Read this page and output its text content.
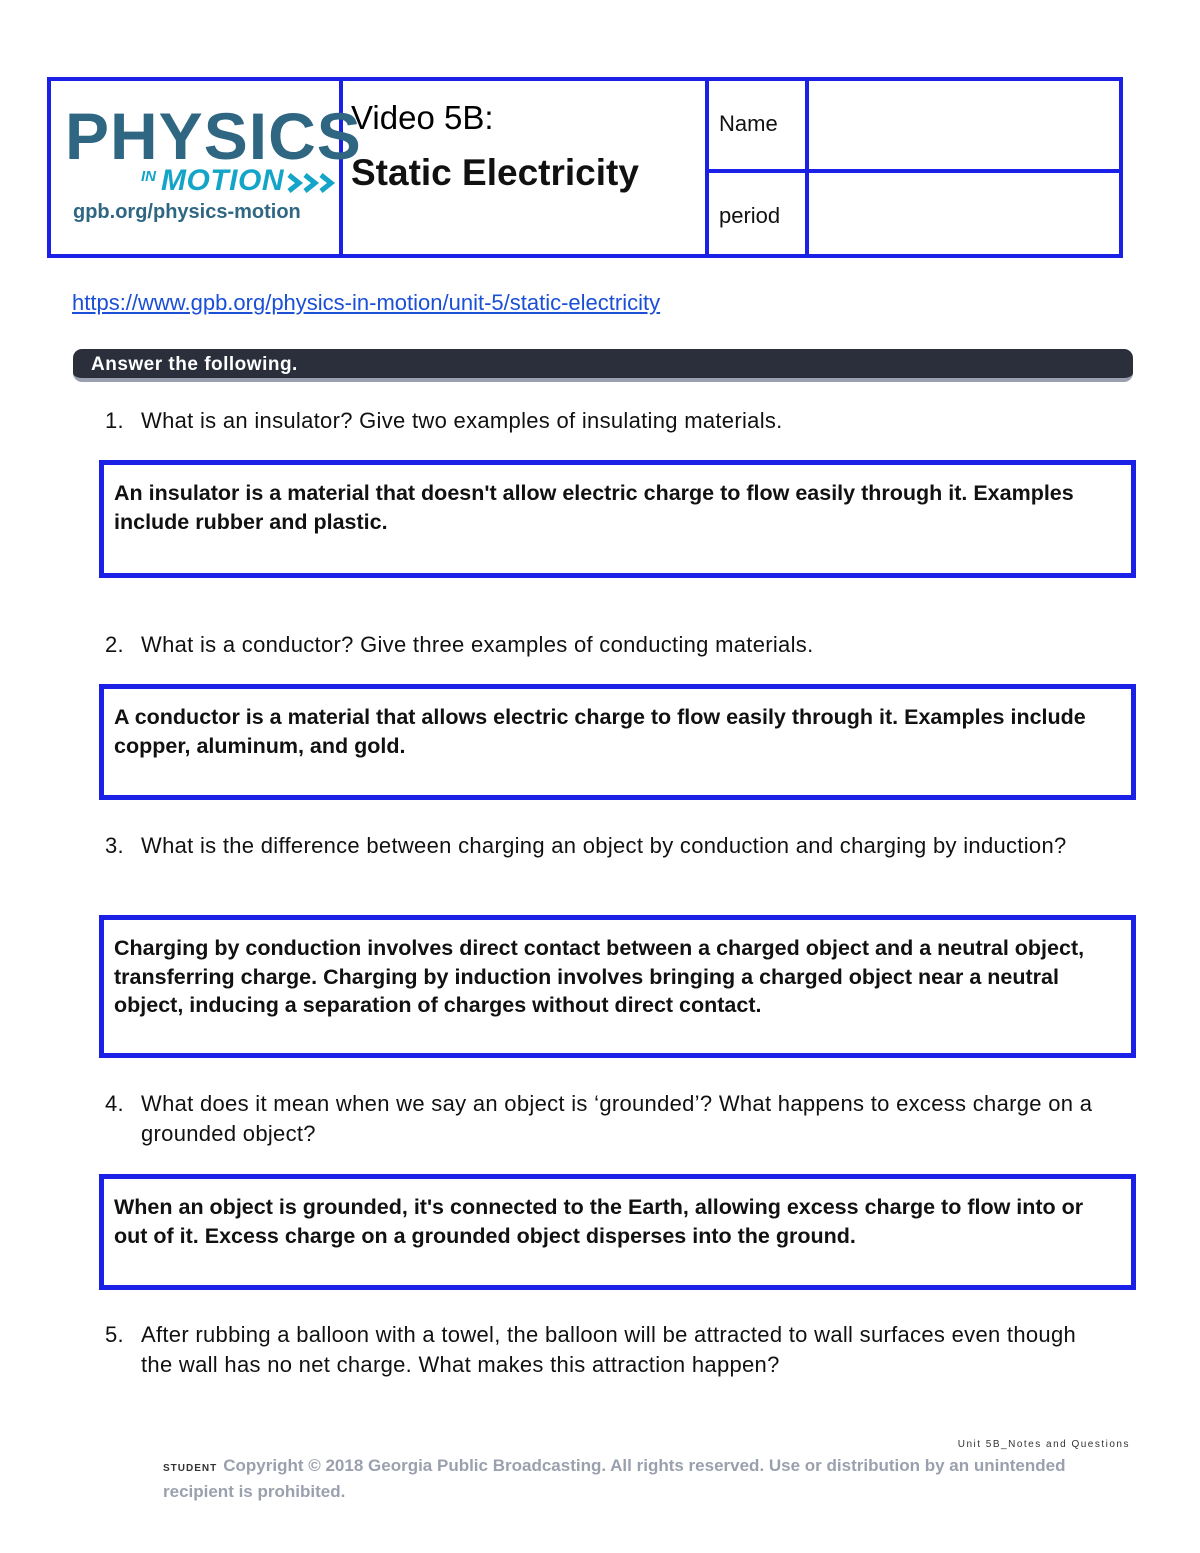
PHYSICS
IN MOTION
gpb.org/physics-motion
Video 5B:
Static Electricity
Name
period
https://www.gpb.org/physics-in-motion/unit-5/static-electricity
Answer the following.
1. What is an insulator? Give two examples of insulating materials.
An insulator is a material that doesn't allow electric charge to flow easily through it. Examples include rubber and plastic.
2. What is a conductor? Give three examples of conducting materials.
A conductor is a material that allows electric charge to flow easily through it. Examples include copper, aluminum, and gold.
3. What is the difference between charging an object by conduction and charging by induction?
Charging by conduction involves direct contact between a charged object and a neutral object, transferring charge. Charging by induction involves bringing a charged object near a neutral object, inducing a separation of charges without direct contact.
4. What does it mean when we say an object is ‘grounded’? What happens to excess charge on a grounded object?
When an object is grounded, it's connected to the Earth, allowing excess charge to flow into or out of it. Excess charge on a grounded object disperses into the ground.
5. After rubbing a balloon with a towel, the balloon will be attracted to wall surfaces even though the wall has no net charge. What makes this attraction happen?
Unit 5B_Notes and Questions
STUDENT Copyright © 2018 Georgia Public Broadcasting. All rights reserved. Use or distribution by an unintended recipient is prohibited.
